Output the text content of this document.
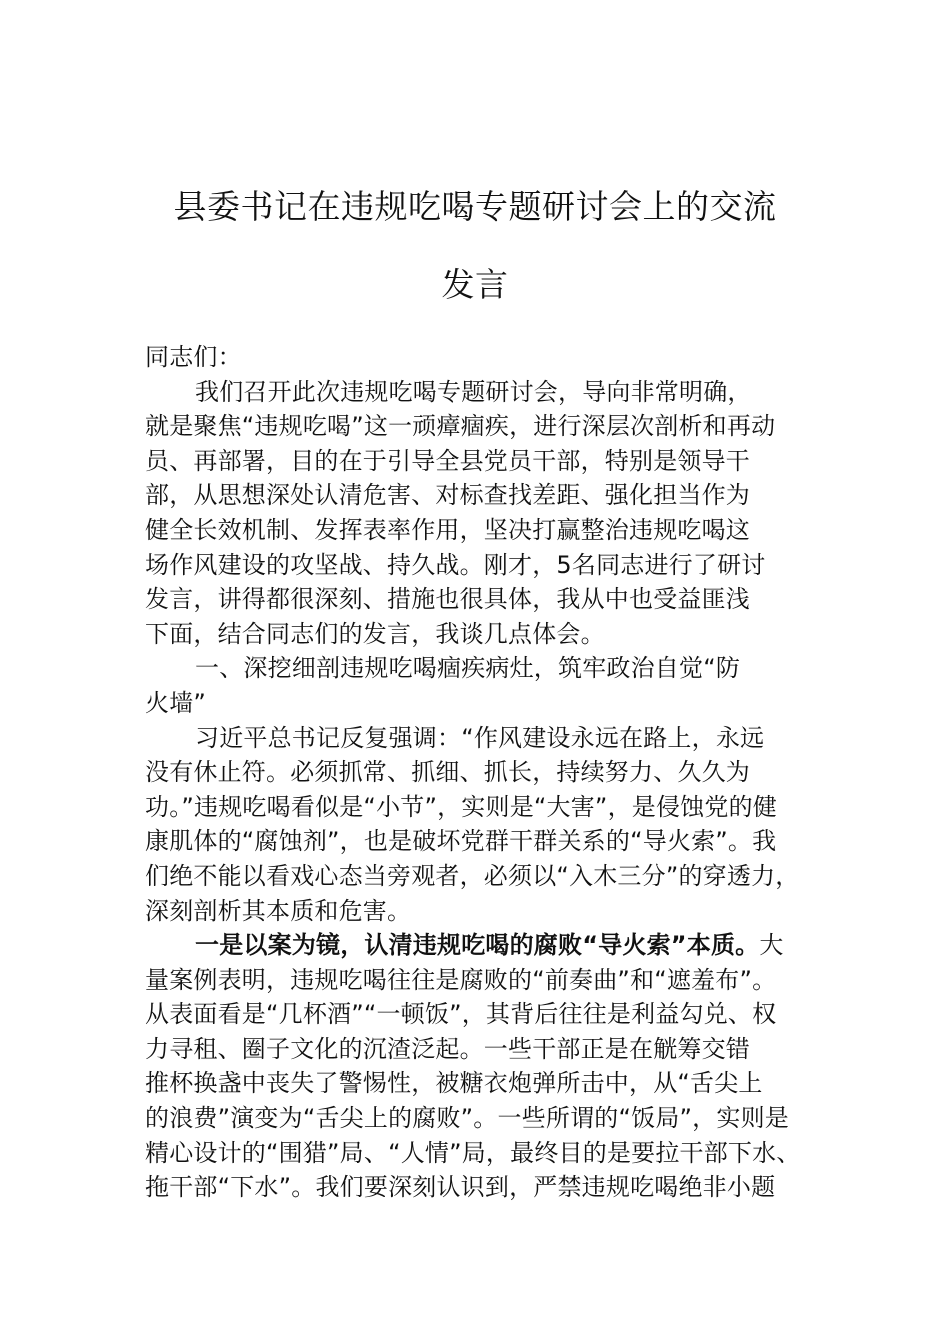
县委书记在违规吃喝专题研讨会上的交流
发言
同志们：
我们召开此次违规吃喝专题研讨会，导向非常明确，
就是聚焦“违规吃喝”这一顽瘴痼疾，进行深层次剖析和再动
员、再部署，目的在于引导全县党员干部，特别是领导干
部，从思想深处认清危害、对标查找差距、强化担当作为
健全长效机制、发挥表率作用，坚决打赢整治违规吃喝这
场作风建设的攻坚战、持久战。刚才，5名同志进行了研讨
发言，讲得都很深刻、措施也很具体，我从中也受益匪浅
下面，结合同志们的发言，我谈几点体会。
一、深挖细剖违规吃喝痼疾病灶，筑牢政治自觉“防
火墙”
习近平总书记反复强调：“作风建设永远在路上，永远
没有休止符。必须抓常、抓细、抓长，持续努力、久久为
功。”违规吃喝看似是“小节”，实则是“大害”，是侵蚀党的健
康肌体的“腐蚀剂”，也是破坏党群干群关系的“导火索”。我
们绝不能以看戏心态当旁观者，必须以“入木三分”的穿透力，
深刻剖析其本质和危害。
一是以案为镜，认清违规吃喝的腐败“导火索”本质。大
量案例表明，违规吃喝往往是腐败的“前奏曲”和“遮羞布”。
从表面看是“几杯酒”“一顿饭”，其背后往往是利益勾兑、权
力寻租、圈子文化的沉渣泛起。一些干部正是在觥筹交错
推杯换盏中丧失了警惕性，被糖衣炮弹所击中，从“舌尖上
的浪费”演变为“舌尖上的腐败”。一些所谓的“饭局”，实则是
精心设计的“围猎”局、“人情”局，最终目的是要拉干部下水、
拖干部“下水”。我们要深刻认识到，严禁违规吃喝绝非小题
